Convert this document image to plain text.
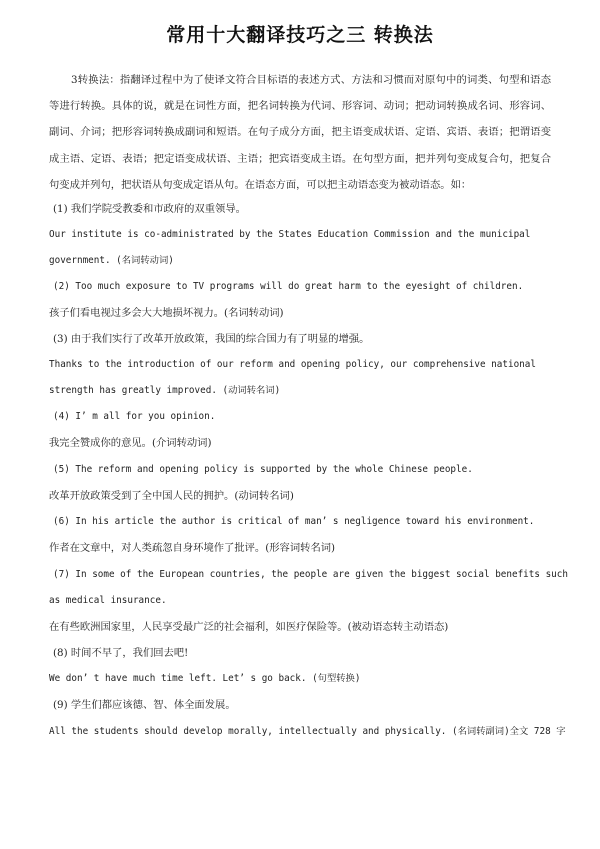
常用十大翻译技巧之三 转换法

3转换法：指翻译过程中为了使译文符合目标语的表述方式、方法和习惯而对原句中的词类、句型和语态等进行转换。具体的说，就是在词性方面，把名词转换为代词、形容词、动词；把动词转换成名词、形容词、副词、介词；把形容词转换成副词和短语。在句子成分方面，把主语变成状语、定语、宾语、表语；把谓语变成主语、定语、表语；把定语变成状语、主语；把宾语变成主语。在句型方面，把并列句变成复合句，把复合句变成并列句，把状语从句变成定语从句。在语态方面，可以把主动语态变为被动语态。如：

(1) 我们学院受教委和市政府的双重领导。

Our institute is co-administrated by the States Education Commission and the municipal

government. (名词转动词)

(2) Too much exposure to TV programs will do great harm to the eyesight of children.

孩子们看电视过多会大大地损坏视力。(名词转动词)

(3) 由于我们实行了改革开放政策，我国的综合国力有了明显的增强。

Thanks to the introduction of our reform and opening policy, our comprehensive national

strength has greatly improved. (动词转名词)

(4) I’ m all for you opinion.

我完全赞成你的意见。(介词转动词)

(5) The reform and opening policy is supported by the whole Chinese people.

改革开放政策受到了全中国人民的拥护。(动词转名词)

(6) In his article the author is critical of man’ s negligence toward his environment.

作者在文章中，对人类疏忽自身环境作了批评。(形容词转名词)

(7) In some of the European countries, the people are given the biggest social benefits such

as medical insurance.

在有些欧洲国家里，人民享受最广泛的社会福利，如医疗保险等。(被动语态转主动语态)

(8) 时间不早了，我们回去吧!

We don’ t have much time left. Let’ s go back. (句型转换)

(9) 学生们都应该德、智、体全面发展。

All the students should develop morally, intellectually and physically. (名词转副词)全文 728 字
